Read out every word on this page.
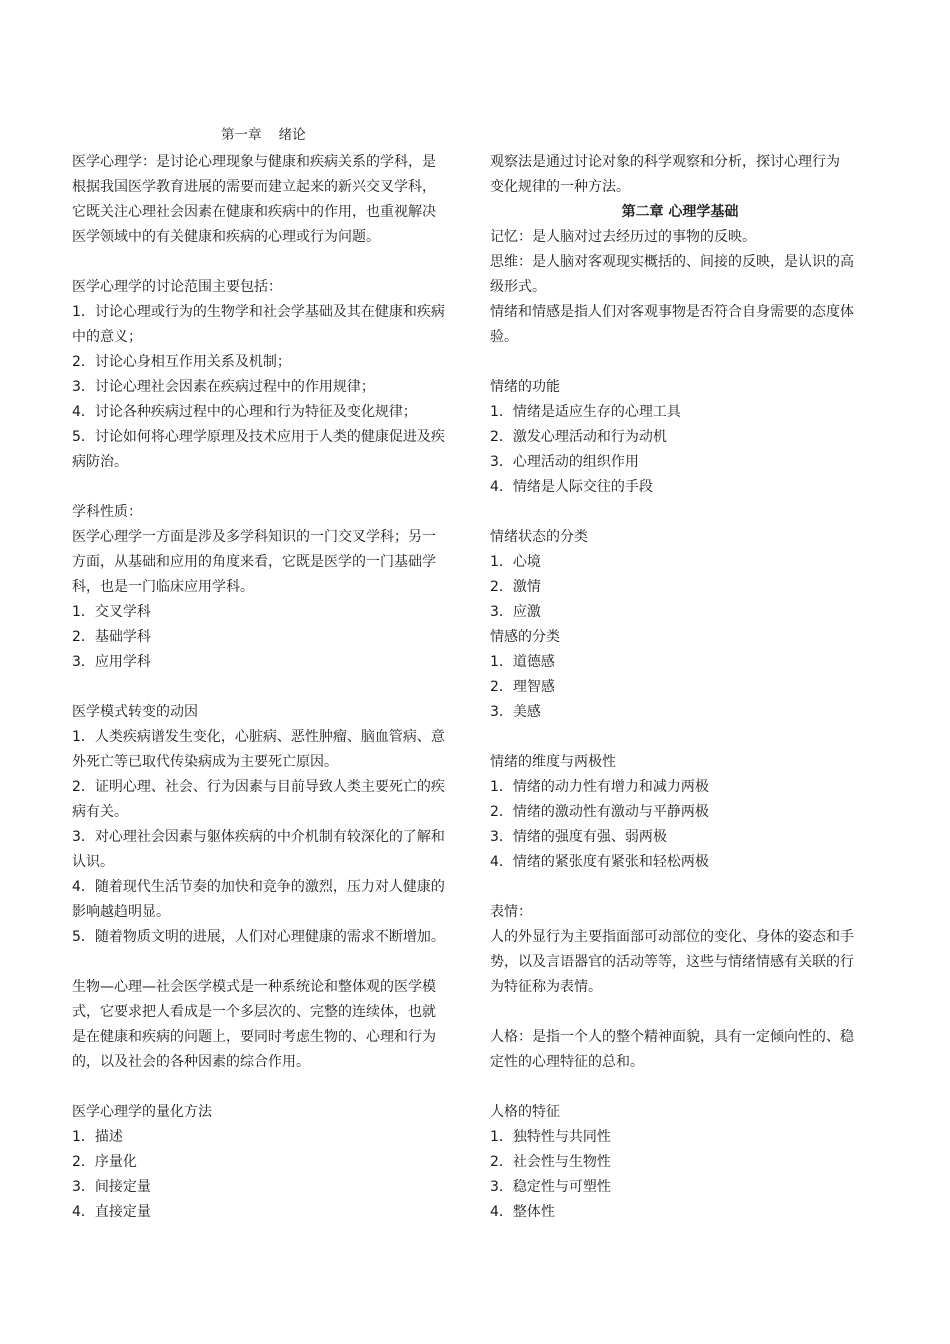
第一章    绪论
医学心理学：是讨论心理现象与健康和疾病关系的学科，是
根据我国医学教育进展的需要而建立起来的新兴交叉学科，
它既关注心理社会因素在健康和疾病中的作用，也重视解决
医学领域中的有关健康和疾病的心理或行为问题。
医学心理学的讨论范围主要包括：
1．讨论心理或行为的生物学和社会学基础及其在健康和疾病
中的意义；
2．讨论心身相互作用关系及机制；
3．讨论心理社会因素在疾病过程中的作用规律；
4．讨论各种疾病过程中的心理和行为特征及变化规律；
5．讨论如何将心理学原理及技术应用于人类的健康促进及疾
病防治。
学科性质：
医学心理学一方面是涉及多学科知识的一门交叉学科；另一
方面，从基础和应用的角度来看，它既是医学的一门基础学
科，也是一门临床应用学科。
1．交叉学科
2．基础学科
3．应用学科
医学模式转变的动因
1．人类疾病谱发生变化，心脏病、恶性肿瘤、脑血管病、意
外死亡等已取代传染病成为主要死亡原因。
2．证明心理、社会、行为因素与目前导致人类主要死亡的疾
病有关。
3．对心理社会因素与躯体疾病的中介机制有较深化的了解和
认识。
4．随着现代生活节奏的加快和竞争的激烈，压力对人健康的
影响越趋明显。
5．随着物质文明的进展，人们对心理健康的需求不断增加。
生物—心理—社会医学模式是一种系统论和整体观的医学模
式，它要求把人看成是一个多层次的、完整的连续体，也就
是在健康和疾病的问题上，要同时考虑生物的、心理和行为
的，以及社会的各种因素的综合作用。
医学心理学的量化方法
1．描述
2．序量化
3．间接定量
4．直接定量
观察法是通过讨论对象的科学观察和分析，探讨心理行为
变化规律的一种方法。
第二章 心理学基础
记忆：是人脑对过去经历过的事物的反映。
思维：是人脑对客观现实概括的、间接的反映，是认识的高
级形式。
情绪和情感是指人们对客观事物是否符合自身需要的态度体
验。
情绪的功能
1．情绪是适应生存的心理工具
2．激发心理活动和行为动机
3．心理活动的组织作用
4．情绪是人际交往的手段
情绪状态的分类
1．心境
2．激情
3．应激
情感的分类
1．道德感
2．理智感
3．美感
情绪的维度与两极性
1．情绪的动力性有增力和减力两极
2．情绪的激动性有激动与平静两极
3．情绪的强度有强、弱两极
4．情绪的紧张度有紧张和轻松两极
表情：
人的外显行为主要指面部可动部位的变化、身体的姿态和手
势，以及言语器官的活动等等，这些与情绪情感有关联的行
为特征称为表情。
人格：是指一个人的整个精神面貌，具有一定倾向性的、稳
定性的心理特征的总和。
人格的特征
1．独特性与共同性
2．社会性与生物性
3．稳定性与可塑性
4．整体性
